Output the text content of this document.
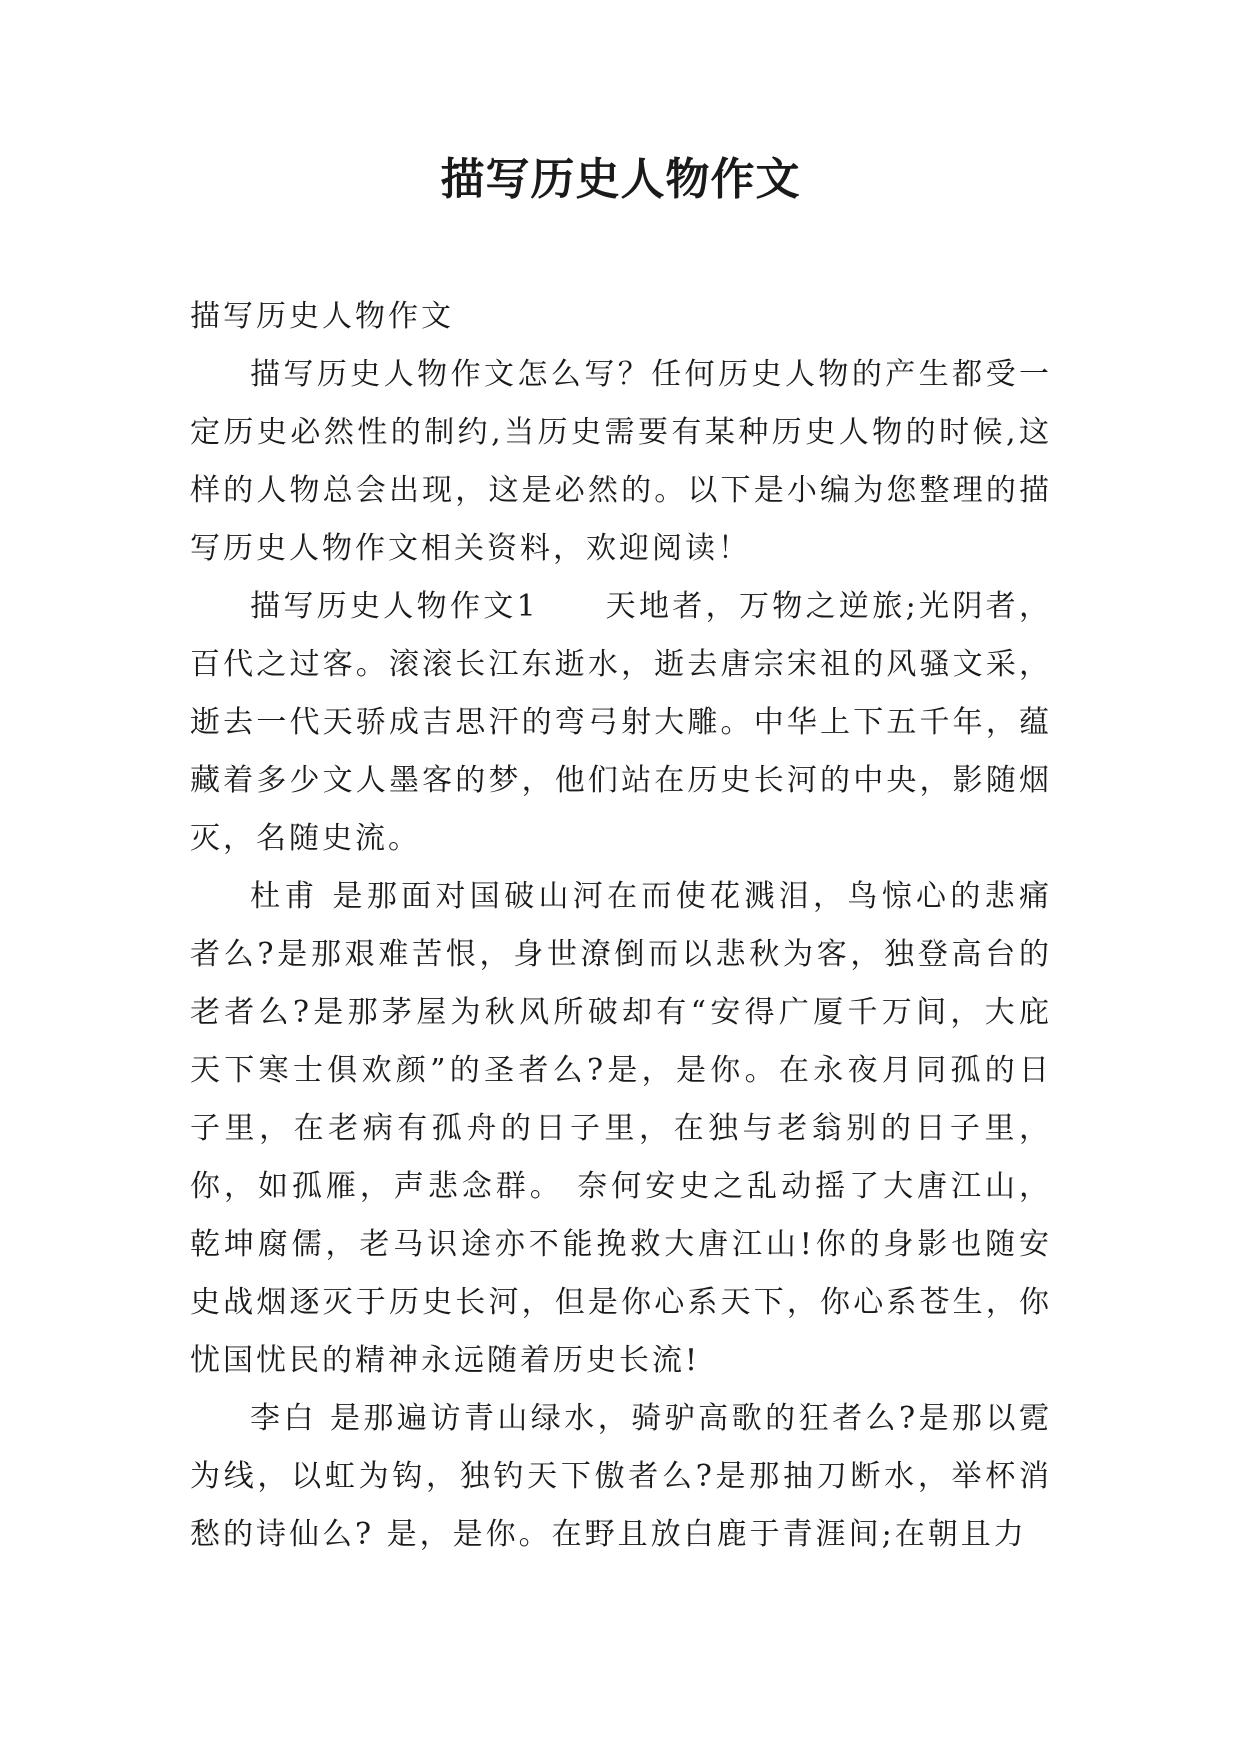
描写历史人物作文

描写历史人物作文

描写历史人物作文怎么写？任何历史人物的产生都受一定历史必然性的制约,当历史需要有某种历史人物的时候,这样的人物总会出现，这是必然的。以下是小编为您整理的描写历史人物作文相关资料，欢迎阅读！

描写历史人物作文1　　天地者，万物之逆旅;光阴者，百代之过客。滚滚长江东逝水，逝去唐宗宋祖的风骚文采，逝去一代天骄成吉思汗的弯弓射大雕。中华上下五千年，蕴藏着多少文人墨客的梦，他们站在历史长河的中央，影随烟灭，名随史流。

杜甫 是那面对国破山河在而使花溅泪，鸟惊心的悲痛者么?是那艰难苦恨，身世潦倒而以悲秋为客，独登高台的老者么?是那茅屋为秋风所破却有“安得广厦千万间，大庇天下寒士俱欢颜”的圣者么?是，是你。在永夜月同孤的日子里，在老病有孤舟的日子里，在独与老翁别的日子里，你，如孤雁，声悲念群。 奈何安史之乱动摇了大唐江山，乾坤腐儒，老马识途亦不能挽救大唐江山!你的身影也随安史战烟逐灭于历史长河，但是你心系天下，你心系苍生，你忧国忧民的精神永远随着历史长流!

李白 是那遍访青山绿水，骑驴高歌的狂者么?是那以霓为线，以虹为钩，独钓天下傲者么?是那抽刀断水，举杯消愁的诗仙么? 是，是你。在野且放白鹿于青涯间;在朝且力
